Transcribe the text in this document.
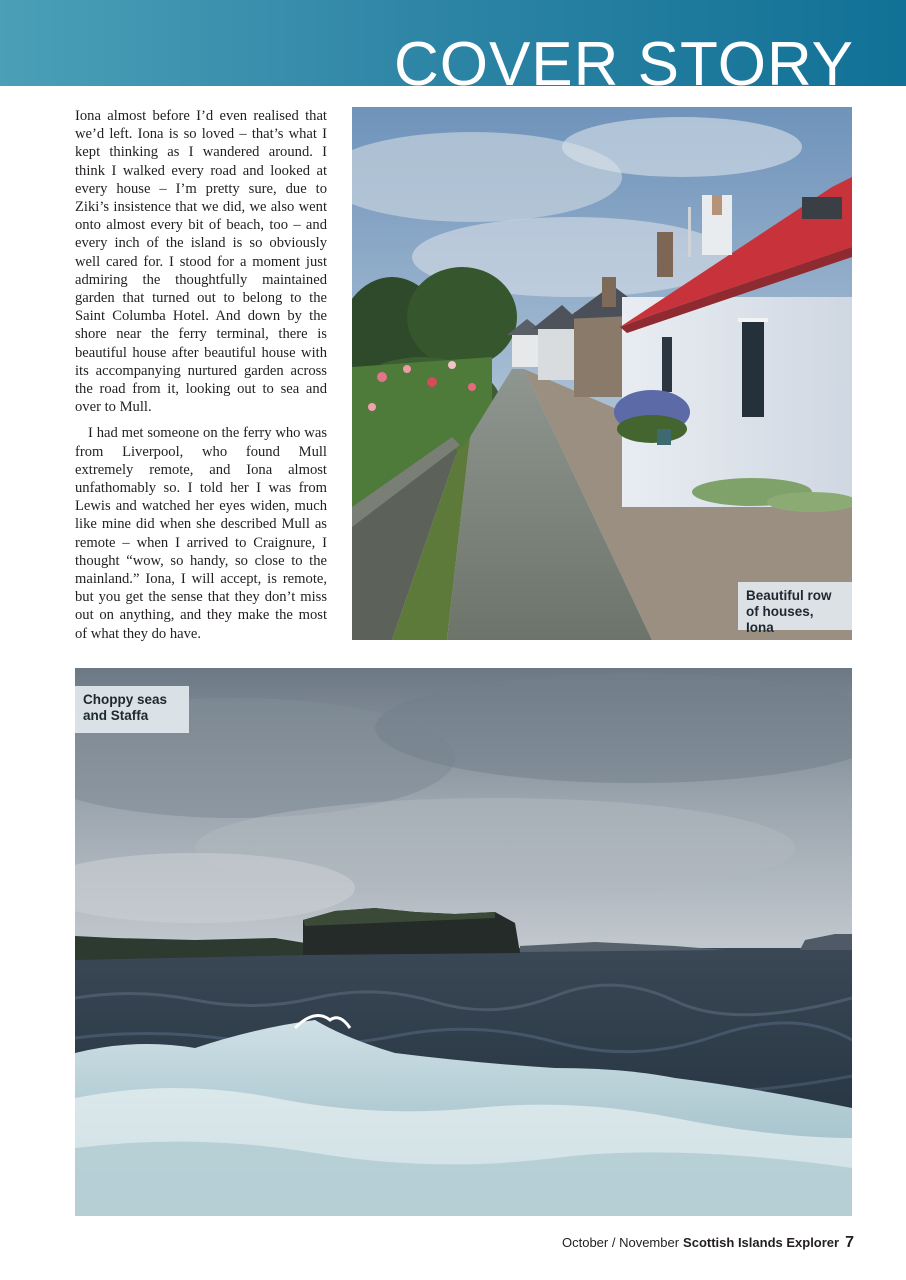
COVER STORY

Iona almost before I’d even realised that we’d left. Iona is so loved – that’s what I kept thinking as I wandered around. I think I walked every road and looked at every house – I’m pretty sure, due to Ziki’s insistence that we did, we also went onto almost every bit of beach, too – and every inch of the island is so obviously well cared for. I stood for a moment just admiring the thoughtfully maintained garden that turned out to belong to the Saint Columba Hotel. And down by the shore near the ferry terminal, there is beautiful house after beautiful house with its accompanying nurtured garden across the road from it, looking out to sea and over to Mull.

I had met someone on the ferry who was from Liverpool, who found Mull extremely remote, and Iona almost unfathomably so. I told her I was from Lewis and watched her eyes widen, much like mine did when she described Mull as remote – when I arrived to Craignure, I thought “wow, so handy, so close to the mainland.” Iona, I will accept, is remote, but you get the sense that they don’t miss out on anything, and they make the most of what they do have.

Beautiful row
of houses, Iona
Choppy seas
and Staffa
October / November Scottish Islands Explorer 7
